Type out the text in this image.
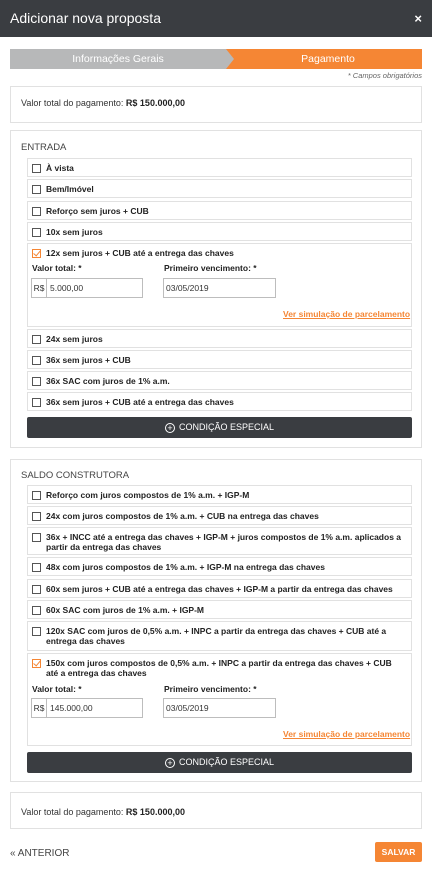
Adicionar nova proposta	×
Informações Gerais	Pagamento
* Campos obrigatórios
Valor total do pagamento: R$ 150.000,00
ENTRADA
À vista
Bem/Imóvel
Reforço sem juros + CUB
10x sem juros
12x sem juros + CUB até a entrega das chaves
Valor total: *
R$ 5.000,00
Primeiro vencimento: *
03/05/2019
Ver simulação de parcelamento
24x sem juros
36x sem juros + CUB
36x SAC com juros de 1% a.m.
36x sem juros + CUB até a entrega das chaves
+ CONDIÇÃO ESPECIAL
SALDO CONSTRUTORA
Reforço com juros compostos de 1% a.m. + IGP-M
24x com juros compostos de 1% a.m. + CUB na entrega das chaves
36x + INCC até a entrega das chaves + IGP-M + juros compostos de 1% a.m. aplicados a partir da entrega das chaves
48x com juros compostos de 1% a.m. + IGP-M na entrega das chaves
60x sem juros + CUB até a entrega das chaves + IGP-M a partir da entrega das chaves
60x SAC com juros de 1% a.m. + IGP-M
120x SAC com juros de 0,5% a.m. + INPC a partir da entrega das chaves + CUB até a entrega das chaves
150x com juros compostos de 0,5% a.m. + INPC a partir da entrega das chaves + CUB até a entrega das chaves
Valor total: *
R$ 145.000,00
Primeiro vencimento: *
03/05/2019
Ver simulação de parcelamento
+ CONDIÇÃO ESPECIAL
Valor total do pagamento: R$ 150.000,00
« ANTERIOR	SALVAR
